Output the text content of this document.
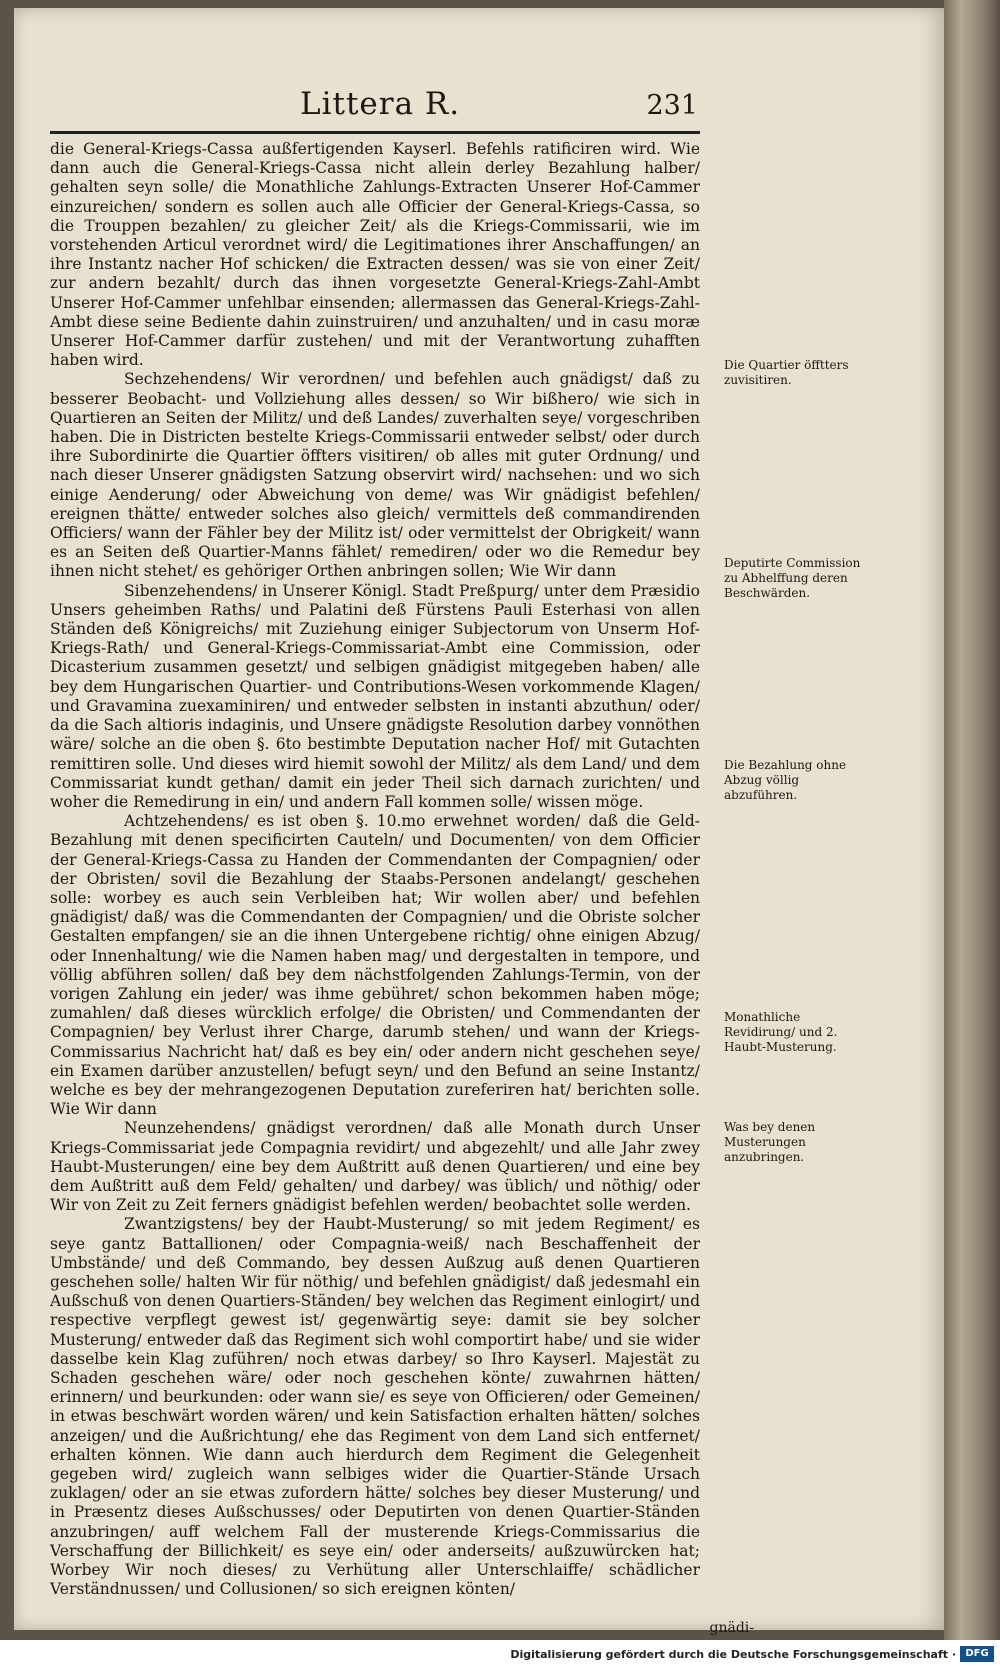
Littera R.	231

die General-Kriegs-Cassa außfertigenden Kayserl. Befehls ratificiren wird. Wie dann auch die General-Kriegs-Cassa nicht allein derley Bezahlung halber/ gehalten seyn solle/ die Monathliche Zahlungs-Extracten Unserer Hof-Cammer einzureichen/ sondern es sollen auch alle Officier der General-Kriegs-Cassa, so die Trouppen bezahlen/ zu gleicher Zeit/ als die Kriegs-Commissarii, wie im vorstehenden Articul verordnet wird/ die Legitimationes ihrer Anschaffungen/ an ihre Instantz nacher Hof schicken/ die Extracten dessen/ was sie von einer Zeit/ zur andern bezahlt/ durch das ihnen vorgesetzte General-Kriegs-Zahl-Ambt Unserer Hof-Cammer unfehlbar einsenden; allermassen das General-Kriegs-Zahl-Ambt diese seine Bediente dahin zuinstruiren/ und anzuhalten/ und in casu moræ Unserer Hof-Cammer darfür zustehen/ und mit der Verantwortung zuhafften haben wird.

Sechzehendens/ Wir verordnen/ und befehlen auch gnädigst/ daß zu besserer Beobacht- und Vollziehung alles dessen/ so Wir bißhero/ wie sich in Quartieren an Seiten der Militz/ und deß Landes/ zuverhalten seye/ vorgeschriben haben. Die in Districten bestelte Kriegs-Commissarii entweder selbst/ oder durch ihre Subordinirte die Quartier öffters visitiren/ ob alles mit guter Ordnung/ und nach dieser Unserer gnädigsten Satzung observirt wird/ nachsehen: und wo sich einige Aenderung/ oder Abweichung von deme/ was Wir gnädigist befehlen/ ereignen thätte/ entweder solches also gleich/ vermittels deß commandirenden Officiers/ wann der Fähler bey der Militz ist/ oder vermittelst der Obrigkeit/ wann es an Seiten deß Quartier-Manns fählet/ remediren/ oder wo die Remedur bey ihnen nicht stehet/ es gehöriger Orthen anbringen sollen; Wie Wir dann

Sibenzehendens/ in Unserer Königl. Stadt Preßpurg/ unter dem Præsidio Unsers geheimben Raths/ und Palatini deß Fürstens Pauli Esterhasi von allen Ständen deß Königreichs/ mit Zuziehung einiger Subjectorum von Unserm Hof-Kriegs-Rath/ und General-Kriegs-Commissariat-Ambt eine Commission, oder Dicasterium zusammen gesetzt/ und selbigen gnädigist mitgegeben haben/ alle bey dem Hungarischen Quartier- und Contributions-Wesen vorkommende Klagen/ und Gravamina zuexaminiren/ und entweder selbsten in instanti abzuthun/ oder/ da die Sach altioris indaginis, und Unsere gnädigste Resolution darbey vonnöthen wäre/ solche an die oben §. 6to bestimbte Deputation nacher Hof/ mit Gutachten remittiren solle. Und dieses wird hiemit sowohl der Militz/ als dem Land/ und dem Commissariat kundt gethan/ damit ein jeder Theil sich darnach zurichten/ und woher die Remedirung in ein/ und andern Fall kommen solle/ wissen möge.

Achtzehendens/ es ist oben §. 10.mo erwehnet worden/ daß die Geld-Bezahlung mit denen specificirten Cauteln/ und Documenten/ von dem Officier der General-Kriegs-Cassa zu Handen der Commendanten der Compagnien/ oder der Obristen/ sovil die Bezahlung der Staabs-Personen andelangt/ geschehen solle: worbey es auch sein Verbleiben hat; Wir wollen aber/ und befehlen gnädigist/ daß/ was die Commendanten der Compagnien/ und die Obriste solcher Gestalten empfangen/ sie an die ihnen Untergebene richtig/ ohne einigen Abzug/ oder Innenhaltung/ wie die Namen haben mag/ und dergestalten in tempore, und völlig abführen sollen/ daß bey dem nächstfolgenden Zahlungs-Termin, von der vorigen Zahlung ein jeder/ was ihme gebühret/ schon bekommen haben möge; zumahlen/ daß dieses würcklich erfolge/ die Obristen/ und Commendanten der Compagnien/ bey Verlust ihrer Charge, darumb stehen/ und wann der Kriegs-Commissarius Nachricht hat/ daß es bey ein/ oder andern nicht geschehen seye/ ein Examen darüber anzustellen/ befugt seyn/ und den Befund an seine Instantz/ welche es bey der mehrangezogenen Deputation zureferiren hat/ berichten solle. Wie Wir dann

Neunzehendens/ gnädigst verordnen/ daß alle Monath durch Unser Kriegs-Commissariat jede Compagnia revidirt/ und abgezehlt/ und alle Jahr zwey Haubt-Musterungen/ eine bey dem Außtritt auß denen Quartieren/ und eine bey dem Außtritt auß dem Feld/ gehalten/ und darbey/ was üblich/ und nöthig/ oder Wir von Zeit zu Zeit ferners gnädigist befehlen werden/ beobachtet solle werden.

Zwantzigstens/ bey der Haubt-Musterung/ so mit jedem Regiment/ es seye gantz Battallionen/ oder Compagnia-weiß/ nach Beschaffenheit der Umbstände/ und deß Commando, bey dessen Außzug auß denen Quartieren geschehen solle/ halten Wir für nöthig/ und befehlen gnädigist/ daß jedesmahl ein Außschuß von denen Quartiers-Ständen/ bey welchen das Regiment einlogirt/ und respective verpflegt gewest ist/ gegenwärtig seye: damit sie bey solcher Musterung/ entweder daß das Regiment sich wohl comportirt habe/ und sie wider dasselbe kein Klag zuführen/ noch etwas darbey/ so Ihro Kayserl. Majestät zu Schaden geschehen wäre/ oder noch geschehen könte/ zuwahrnen hätten/ erinnern/ und beurkunden: oder wann sie/ es seye von Officieren/ oder Gemeinen/ in etwas beschwärt worden wären/ und kein Satisfaction erhalten hätten/ solches anzeigen/ und die Außrichtung/ ehe das Regiment von dem Land sich entfernet/ erhalten können. Wie dann auch hierdurch dem Regiment die Gelegenheit gegeben wird/ zugleich wann selbiges wider die Quartier-Stände Ursach zuklagen/ oder an sie etwas zufordern hätte/ solches bey dieser Musterung/ und in Præsentz dieses Außschusses/ oder Deputirten von denen Quartier-Ständen anzubringen/ auff welchem Fall der musterende Kriegs-Commissarius die Verschaffung der Billichkeit/ es seye ein/ oder anderseits/ außzuwürcken hat; Worbey Wir noch dieses/ zu Verhütung aller Unterschlaiffe/ schädlicher Verständnussen/ und Collusionen/ so sich ereignen könten/

Die Quartier öfftters zuvisitiren.
Deputirte Commission zu Abhelffung deren Beschwärden.
Die Bezahlung ohne Abzug völlig abzuführen.
Monathliche Revidirung/ und 2. Haubt-Musterung.
Was bey denen Musterungen anzubringen.
gnädi-
Digitalisierung gefördert durch die Deutsche Forschungsgemeinschaft · DFG
